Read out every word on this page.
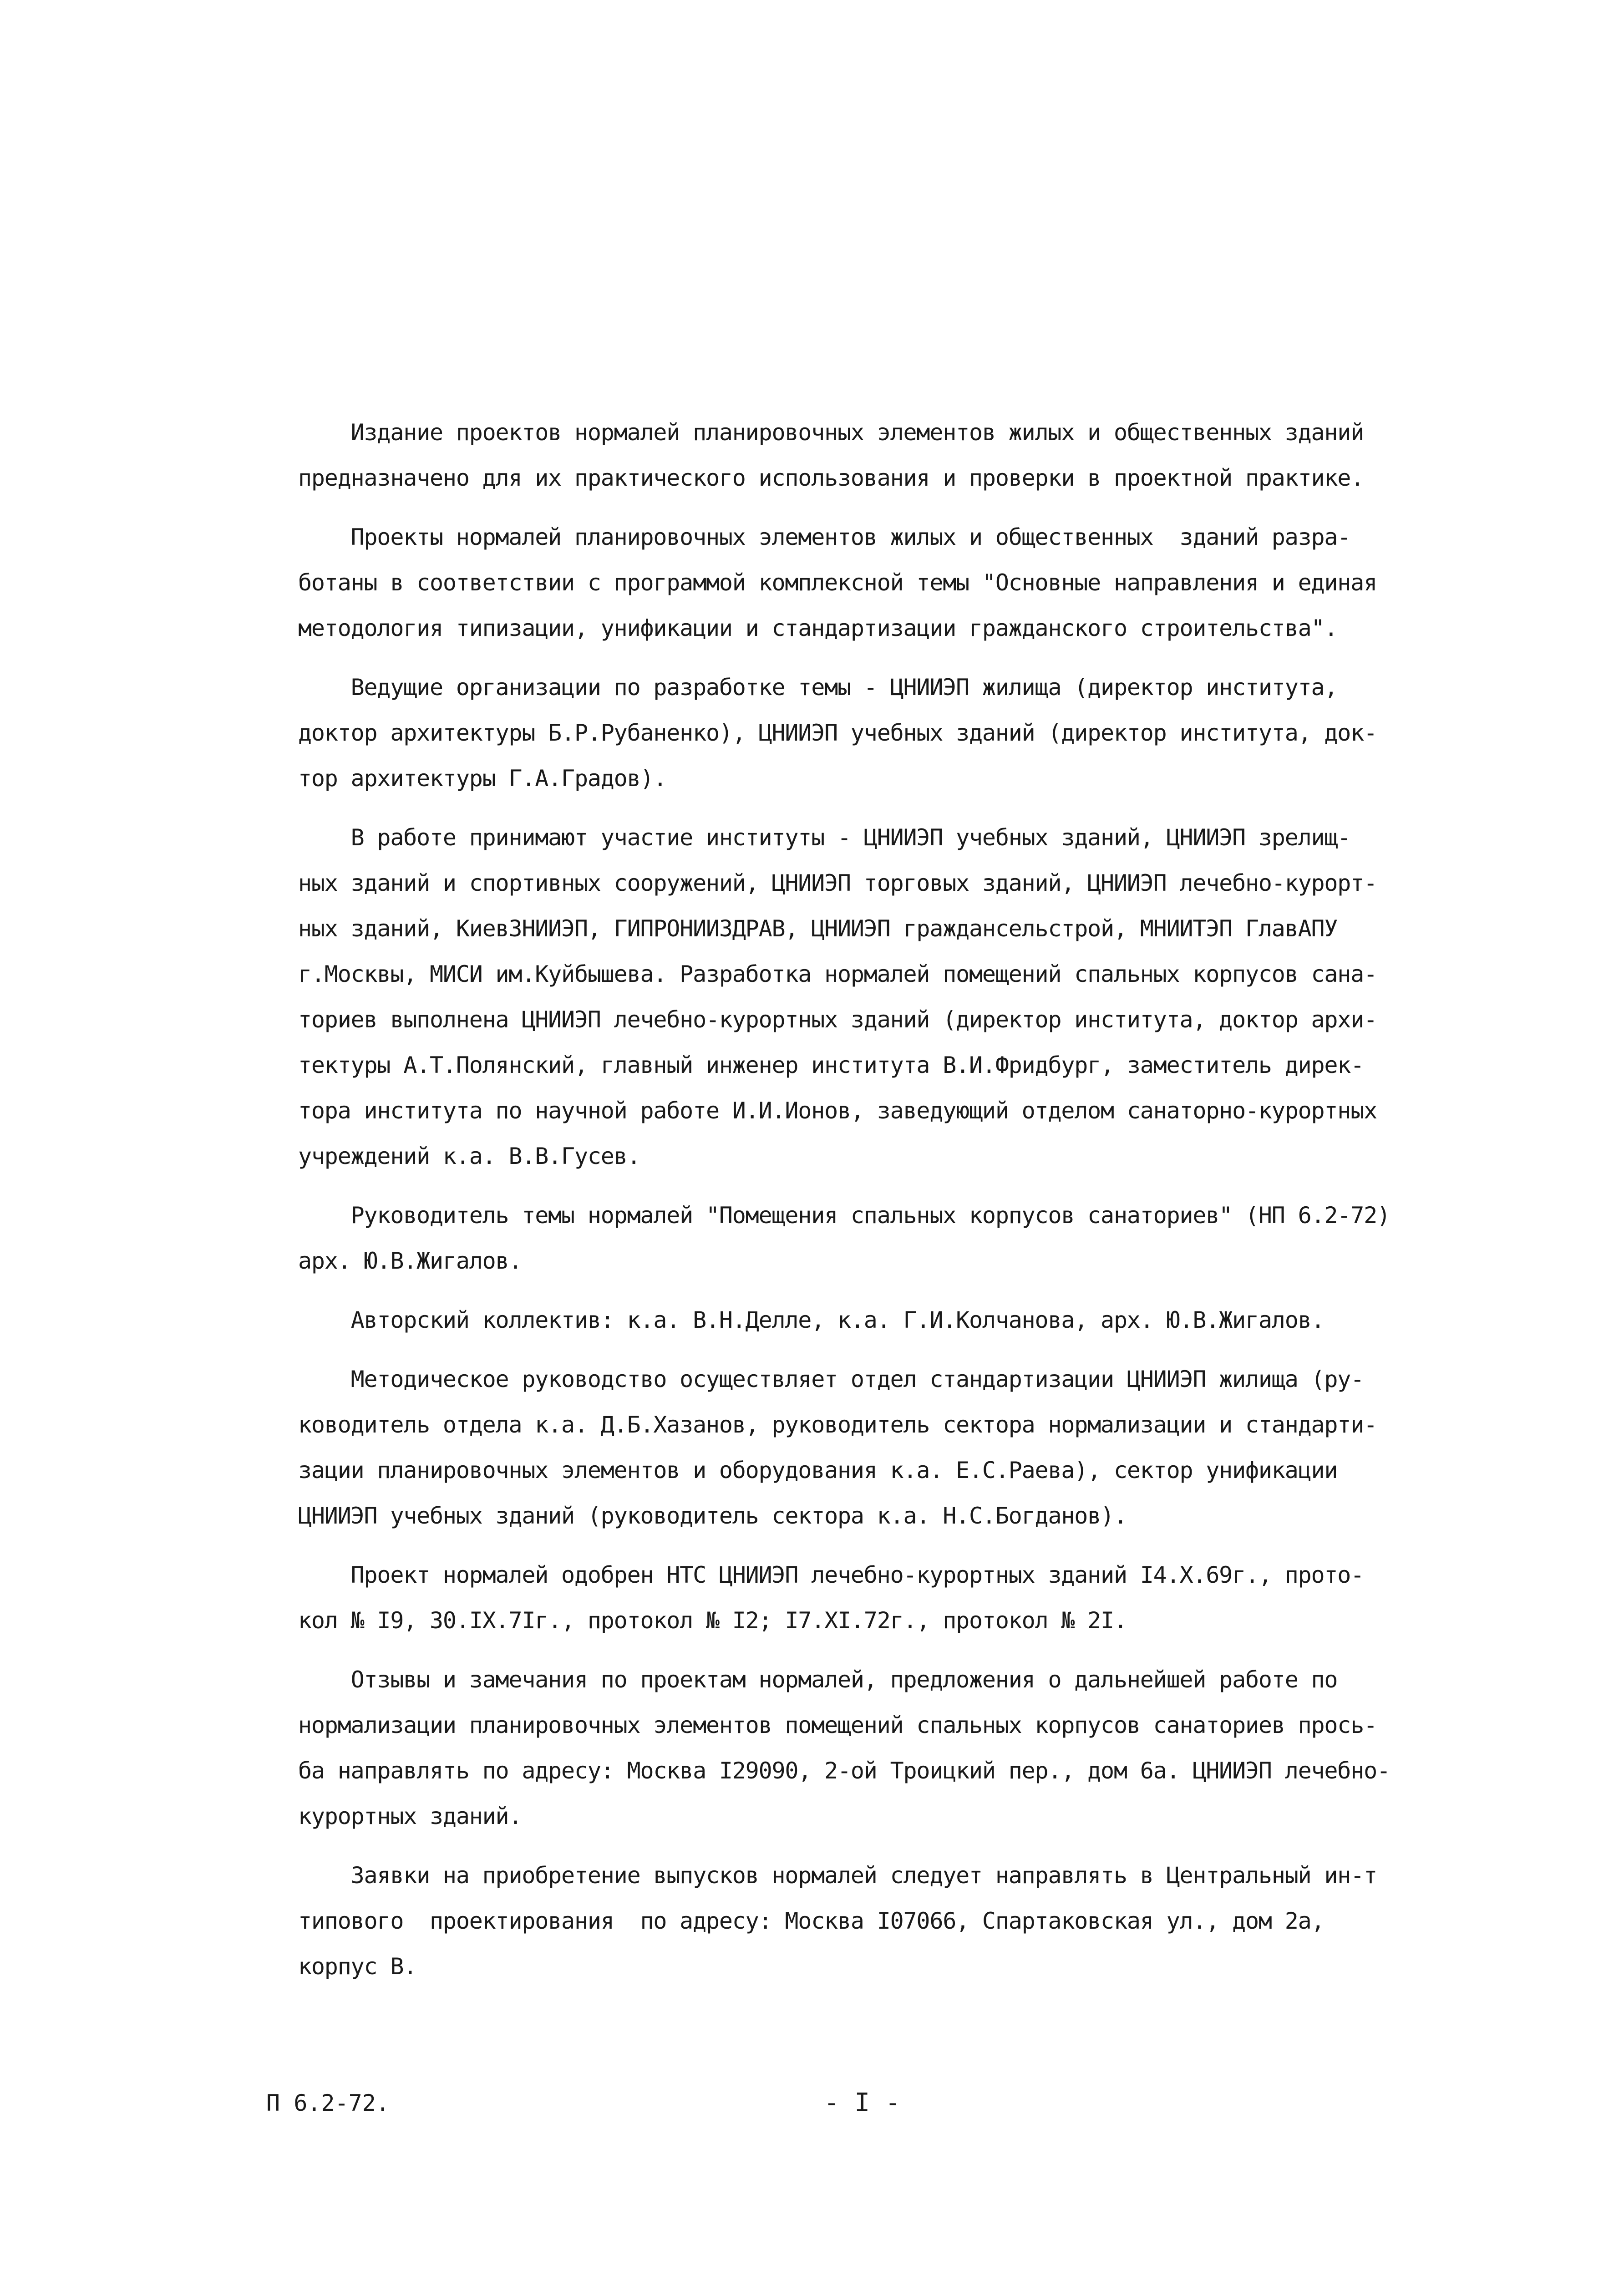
Издание проектов нормалей планировочных элементов жилых и общественных зданий
предназначено для их практического использования и проверки в проектной практике.
Проекты нормалей планировочных элементов жилых и общественных  зданий разра-
ботаны в соответствии с программой комплексной темы "Основные направления и единая
методология типизации, унификации и стандартизации гражданского строительства".
Ведущие организации по разработке темы - ЦНИИЭП жилища (директор института,
доктор архитектуры Б.Р.Рубаненко), ЦНИИЭП учебных зданий (директор института, док-
тор архитектуры Г.А.Градов).
В работе принимают участие институты - ЦНИИЭП учебных зданий, ЦНИИЭП зрелищ-
ных зданий и спортивных сооружений, ЦНИИЭП торговых зданий, ЦНИИЭП лечебно-курорт-
ных зданий, КиевЗНИИЭП, ГИПРОНИИЗДРАВ, ЦНИИЭП граждансельстрой, МНИИТЭП ГлавАПУ
г.Москвы, МИСИ им.Куйбышева. Разработка нормалей помещений спальных корпусов сана-
ториев выполнена ЦНИИЭП лечебно-курортных зданий (директор института, доктор архи-
тектуры А.Т.Полянский, главный инженер института В.И.Фридбург, заместитель дирек-
тора института по научной работе И.И.Ионов, заведующий отделом санаторно-курортных
учреждений к.а. В.В.Гусев.
Руководитель темы нормалей "Помещения спальных корпусов санаториев" (НП 6.2-72)
арх. Ю.В.Жигалов.
Авторский коллектив: к.а. В.Н.Делле, к.а. Г.И.Колчанова, арх. Ю.В.Жигалов.
Методическое руководство осуществляет отдел стандартизации ЦНИИЭП жилища (ру-
ководитель отдела к.а. Д.Б.Хазанов, руководитель сектора нормализации и стандарти-
зации планировочных элементов и оборудования к.а. Е.С.Раева), сектор унификации
ЦНИИЭП учебных зданий (руководитель сектора к.а. Н.С.Богданов).
Проект нормалей одобрен НТС ЦНИИЭП лечебно-курортных зданий I4.X.69г., прото-
кол № I9, 30.IX.7Iг., протокол № I2; I7.XI.72г., протокол № 2I.
Отзывы и замечания по проектам нормалей, предложения о дальнейшей работе по
нормализации планировочных элементов помещений спальных корпусов санаториев прось-
ба направлять по адресу: Москва I29090, 2-ой Троицкий пер., дом 6а. ЦНИИЭП лечебно-
курортных зданий.
Заявки на приобретение выпусков нормалей следует направлять в Центральный ин-т
типового  проектирования  по адресу: Москва I07066, Спартаковская ул., дом 2а,
корпус В.
П 6.2-72.	- I -
